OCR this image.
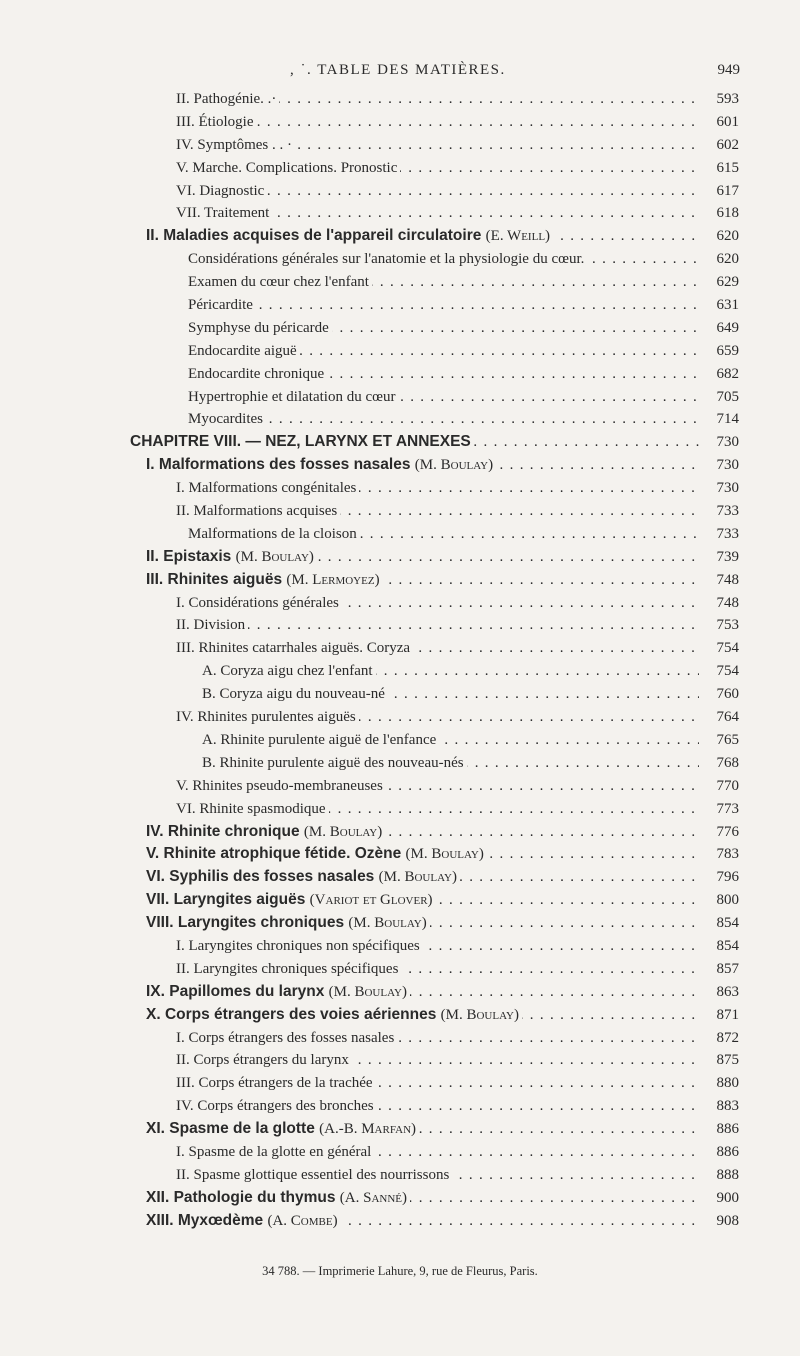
, ˙. TABLE DES MATIÈRES.	949
II. Pathogénie. .· . . .	593
III. Étiologie . . .	601
IV. Symptômes . . · . . .	602
V. Marche. Complications. Pronostic . . .	615
VI. Diagnostic . . .	617
VII. Traitement . . .	618
II. Maladies acquises de l'appareil circulatoire (E. Weill) . . .	620
Considérations générales sur l'anatomie et la physiologie du cœur. . . .	620
Examen du cœur chez l'enfant . . .	629
Péricardite . . .	631
Symphyse du péricarde . . .	649
Endocardite aiguë . . .	659
Endocardite chronique . . .	682
Hypertrophie et dilatation du cœur . . .	705
Myocardites . . .	714
CHAPITRE VIII. — NEZ, LARYNX ET ANNEXES . . .	730
I. Malformations des fosses nasales (M. Boulay) . . .	730
I. Malformations congénitales . . .	730
II. Malformations acquises . . .	733
Malformations de la cloison . . .	733
II. Epistaxis (M. Boulay) . . .	739
III. Rhinites aiguës (M. Lermoyez) . . .	748
I. Considérations générales . . .	748
II. Division . . .	753
III. Rhinites catarrhales aiguës. Coryza . . .	754
A. Coryza aigu chez l'enfant . . .	754
B. Coryza aigu du nouveau-né . . .	760
IV. Rhinites purulentes aiguës . . .	764
A. Rhinite purulente aiguë de l'enfance . . .	765
B. Rhinite purulente aiguë des nouveau-nés . . .	768
V. Rhinites pseudo-membraneuses . . .	770
VI. Rhinite spasmodique . . .	773
IV. Rhinite chronique (M. Boulay) . . .	776
V. Rhinite atrophique fétide. Ozène (M. Boulay) . . .	783
VI. Syphilis des fosses nasales (M. Boulay) . . .	796
VII. Laryngites aiguës (Variot et Glover) . . .	800
VIII. Laryngites chroniques (M. Boulay) . . .	854
I. Laryngites chroniques non spécifiques . . .	854
II. Laryngites chroniques spécifiques . . .	857
IX. Papillomes du larynx (M. Boulay) . . .	863
X. Corps étrangers des voies aériennes (M. Boulay) . . .	871
I. Corps étrangers des fosses nasales . . .	872
II. Corps étrangers du larynx . . .	875
III. Corps étrangers de la trachée . . .	880
IV. Corps étrangers des bronches . . .	883
XI. Spasme de la glotte (A.-B. Marfan) . . .	886
I. Spasme de la glotte en général . . .	886
II. Spasme glottique essentiel des nourrissons . . .	888
XII. Pathologie du thymus (A. Sanné) . . .	900
XIII. Myxœdème (A. Combe) . . .	908
34 788. — Imprimerie Lahure, 9, rue de Fleurus, Paris.
